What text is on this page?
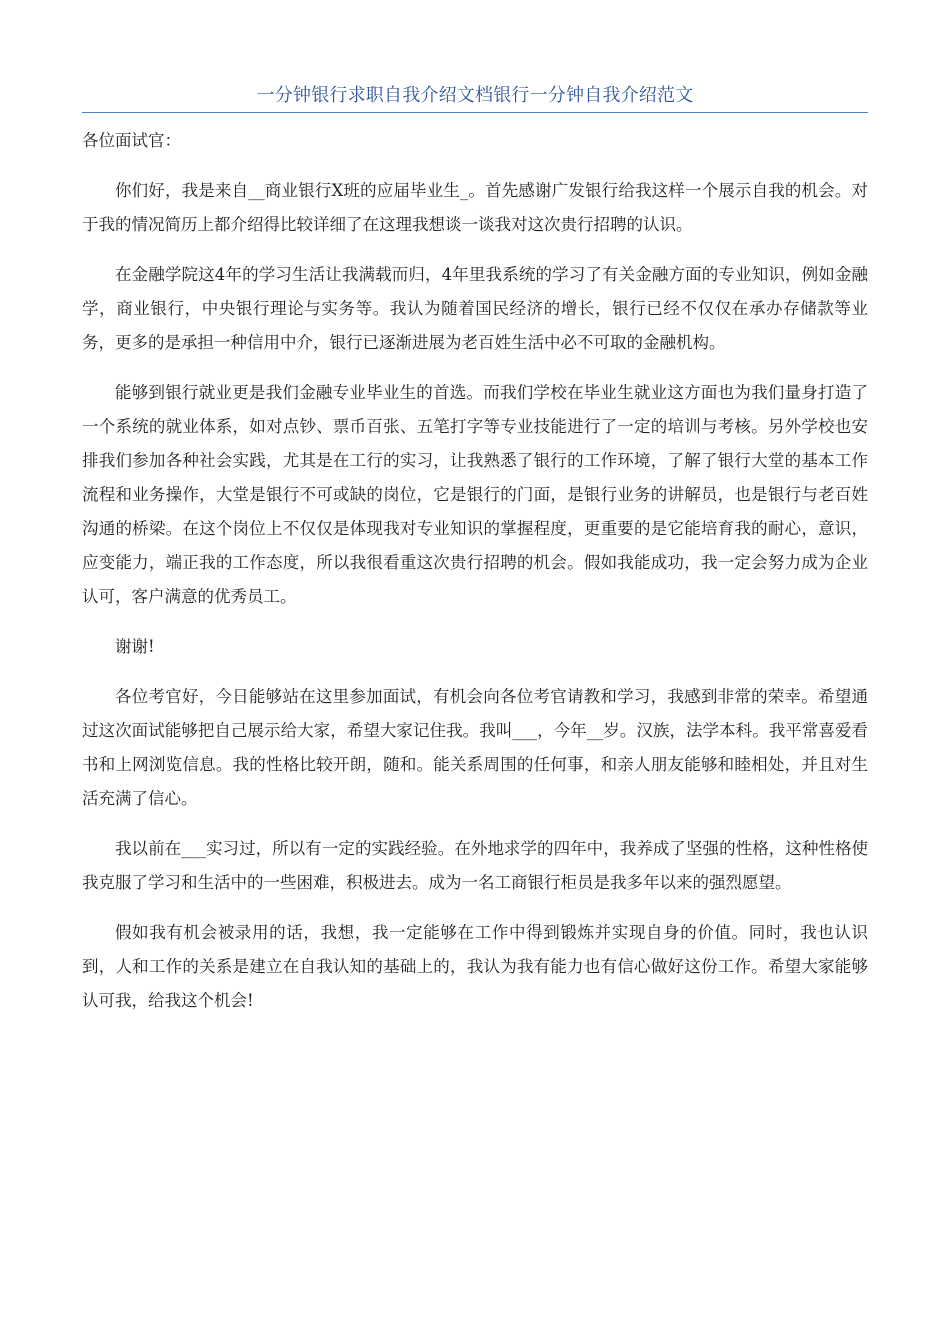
一分钟银行求职自我介绍文档银行一分钟自我介绍范文

各位面试官：

你们好，我是来自__商业银行X班的应届毕业生_。首先感谢广发银行给我这样一个展示自我的机会。对于我的情况简历上都介绍得比较详细了在这理我想谈一谈我对这次贵行招聘的认识。

在金融学院这4年的学习生活让我满载而归，4年里我系统的学习了有关金融方面的专业知识，例如金融学，商业银行，中央银行理论与实务等。我认为随着国民经济的增长，银行已经不仅仅在承办存储款等业务，更多的是承担一种信用中介，银行已逐渐进展为老百姓生活中必不可取的金融机构。

能够到银行就业更是我们金融专业毕业生的首选。而我们学校在毕业生就业这方面也为我们量身打造了一个系统的就业体系，如对点钞、票币百张、五笔打字等专业技能进行了一定的培训与考核。另外学校也安排我们参加各种社会实践，尤其是在工行的实习，让我熟悉了银行的工作环境，了解了银行大堂的基本工作流程和业务操作，大堂是银行不可或缺的岗位，它是银行的门面，是银行业务的讲解员，也是银行与老百姓沟通的桥梁。在这个岗位上不仅仅是体现我对专业知识的掌握程度，更重要的是它能培育我的耐心，意识，应变能力，端正我的工作态度，所以我很看重这次贵行招聘的机会。假如我能成功，我一定会努力成为企业认可，客户满意的优秀员工。

谢谢!

各位考官好，今日能够站在这里参加面试，有机会向各位考官请教和学习，我感到非常的荣幸。希望通过这次面试能够把自己展示给大家，希望大家记住我。我叫___，今年__岁。汉族，法学本科。我平常喜爱看书和上网浏览信息。我的性格比较开朗，随和。能关系周围的任何事，和亲人朋友能够和睦相处，并且对生活充满了信心。

我以前在___实习过，所以有一定的实践经验。在外地求学的四年中，我养成了坚强的性格，这种性格使我克服了学习和生活中的一些困难，积极进去。成为一名工商银行柜员是我多年以来的强烈愿望。

假如我有机会被录用的话，我想，我一定能够在工作中得到锻炼并实现自身的价值。同时，我也认识到，人和工作的关系是建立在自我认知的基础上的，我认为我有能力也有信心做好这份工作。希望大家能够认可我，给我这个机会!
